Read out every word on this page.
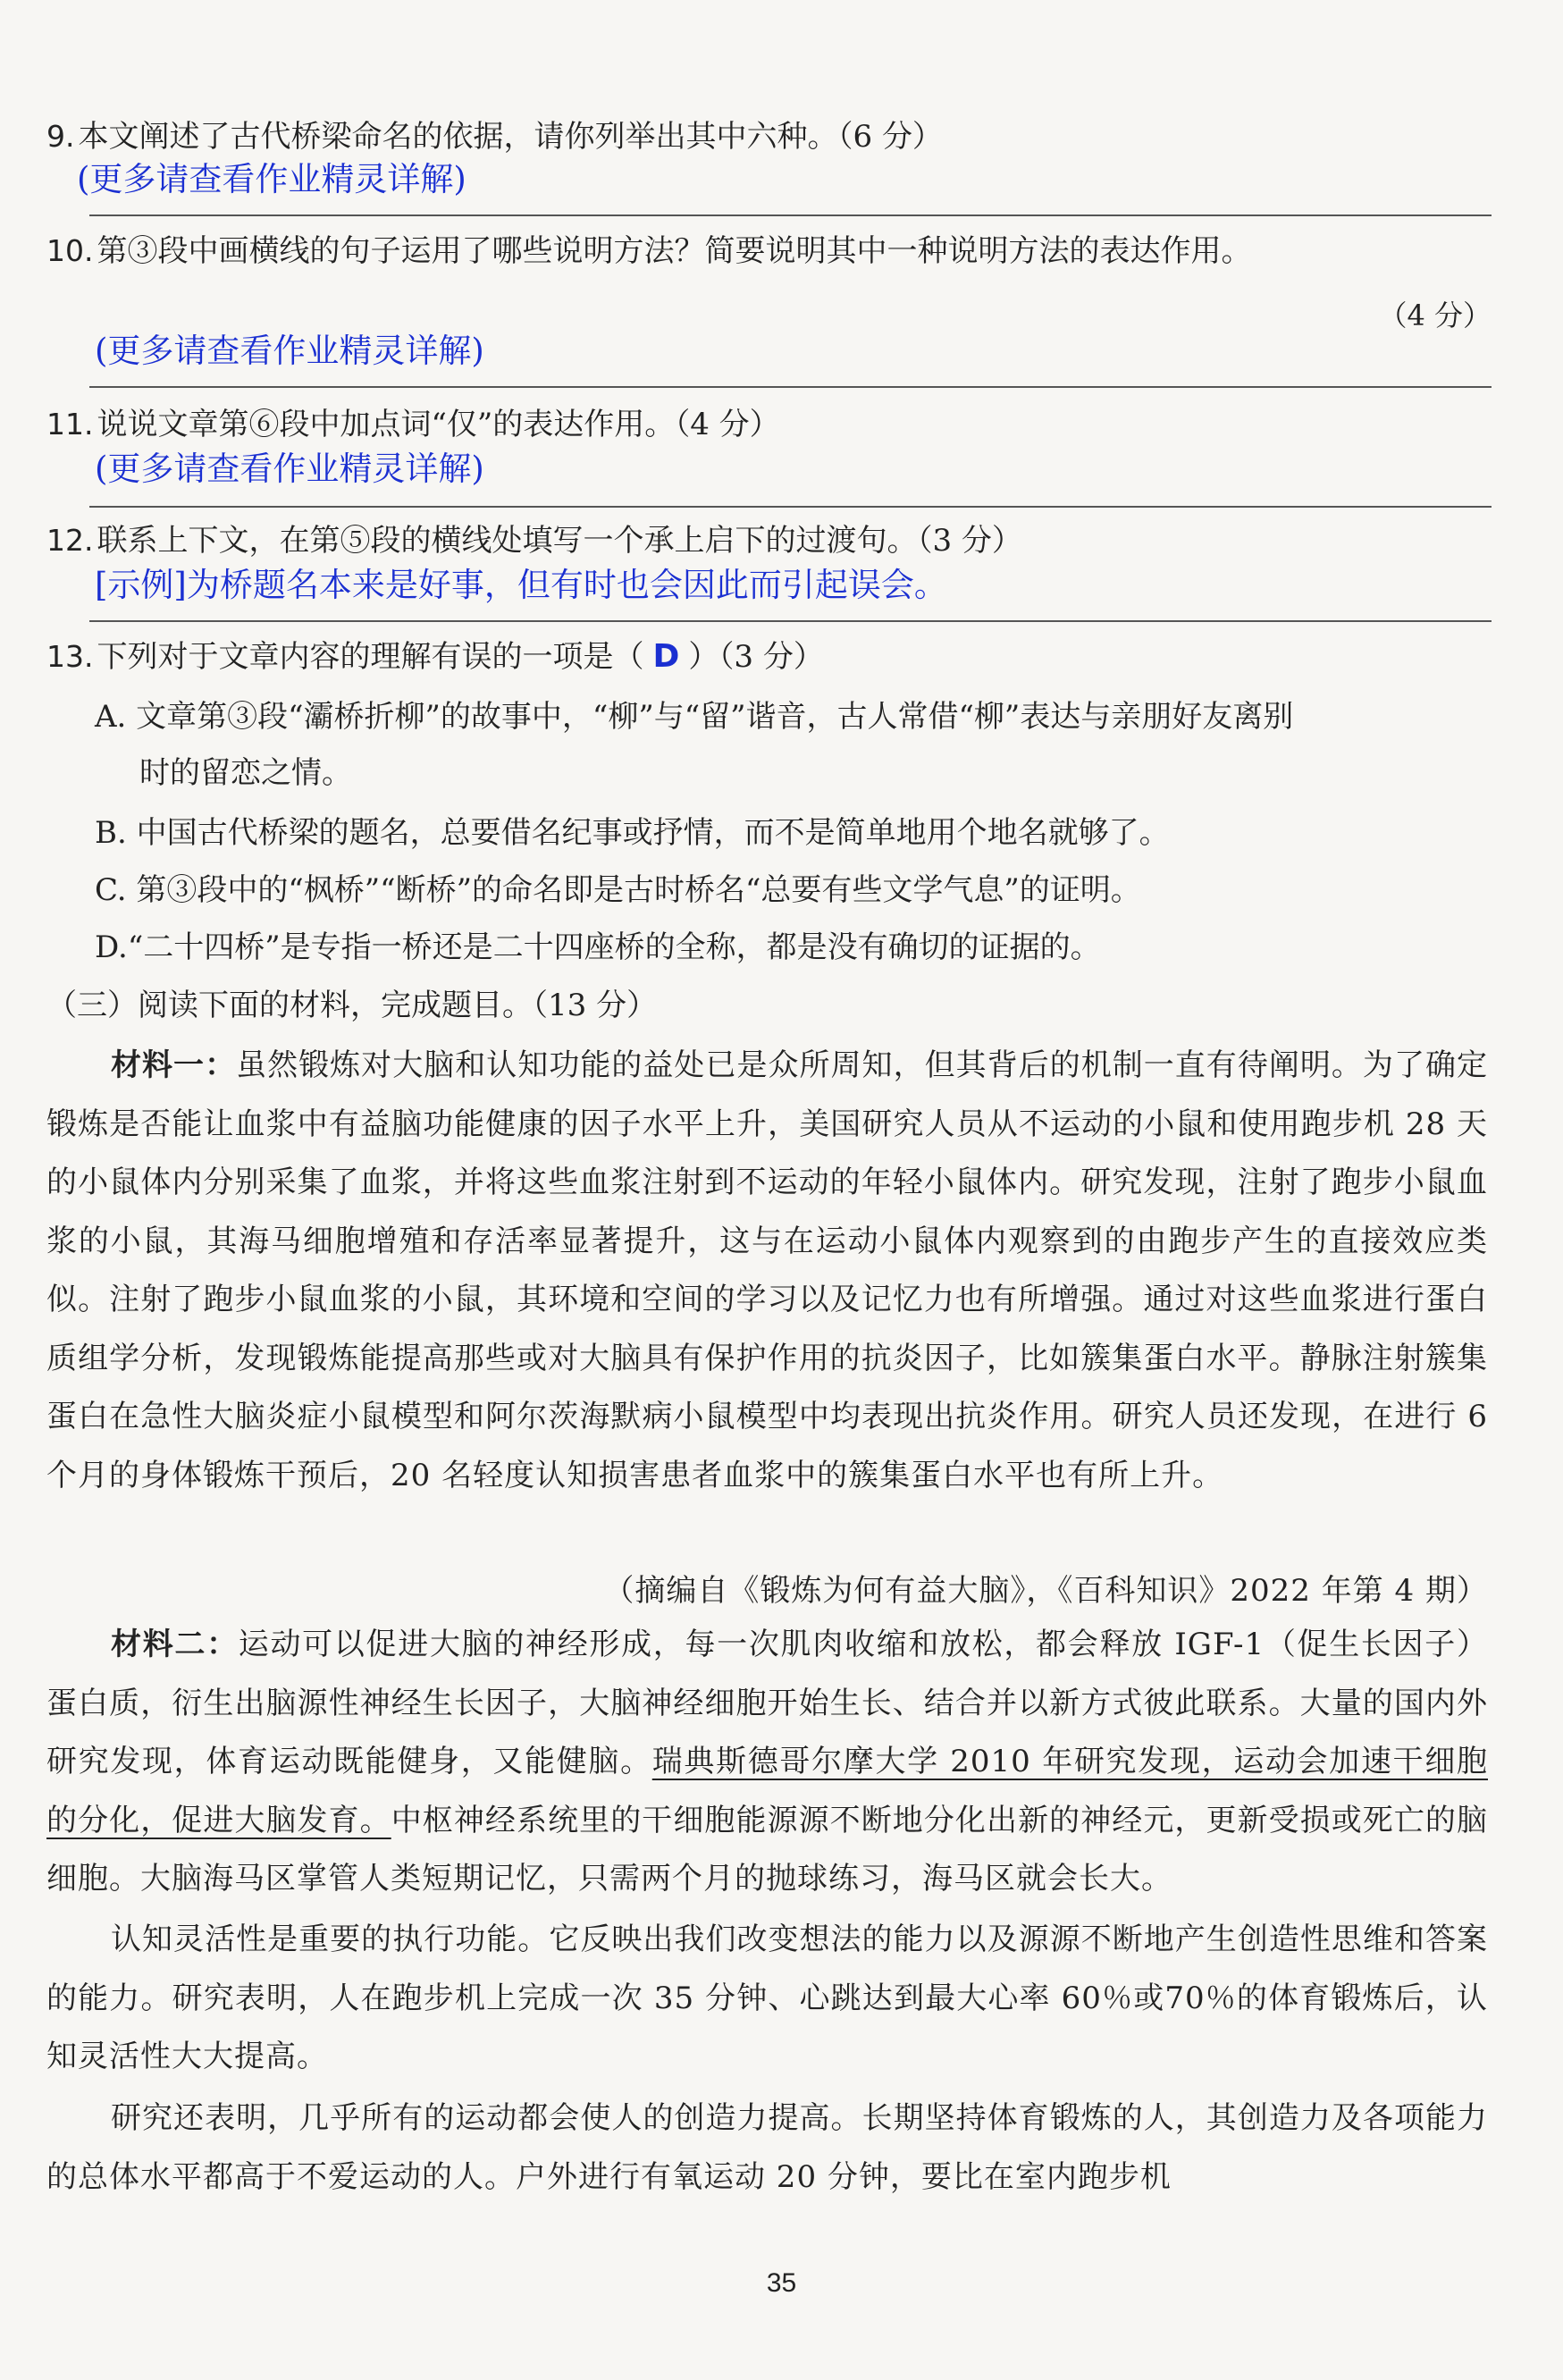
9. 本文阐述了古代桥梁命名的依据，请你列举出其中六种。（6 分）
(更多请查看作业精灵详解)
10. 第③段中画横线的句子运用了哪些说明方法？简要说明其中一种说明方法的表达作用。
（4 分）
(更多请查看作业精灵详解)
11. 说说文章第⑥段中加点词“仅”的表达作用。（4 分）
(更多请查看作业精灵详解)
12. 联系上下文，在第⑤段的横线处填写一个承上启下的过渡句。（3 分）
[示例]为桥题名本来是好事，但有时也会因此而引起误会。
13. 下列对于文章内容的理解有误的一项是（ D ）（3 分）
A. 文章第③段“灞桥折柳”的故事中，“柳”与“留”谐音，古人常借“柳”表达与亲朋好友离别
时的留恋之情。
B. 中国古代桥梁的题名，总要借名纪事或抒情，而不是简单地用个地名就够了。
C. 第③段中的“枫桥”“断桥”的命名即是古时桥名“总要有些文学气息”的证明。
D.“二十四桥”是专指一桥还是二十四座桥的全称，都是没有确切的证据的。
（三）阅读下面的材料，完成题目。（13 分）
材料一：虽然锻炼对大脑和认知功能的益处已是众所周知，但其背后的机制一直有待阐明。为了确定锻炼是否能让血浆中有益脑功能健康的因子水平上升，美国研究人员从不运动的小鼠和使用跑步机 28 天的小鼠体内分别采集了血浆，并将这些血浆注射到不运动的年轻小鼠体内。研究发现，注射了跑步小鼠血浆的小鼠，其海马细胞增殖和存活率显著提升，这与在运动小鼠体内观察到的由跑步产生的直接效应类似。注射了跑步小鼠血浆的小鼠，其环境和空间的学习以及记忆力也有所增强。通过对这些血浆进行蛋白质组学分析，发现锻炼能提高那些或对大脑具有保护作用的抗炎因子，比如簇集蛋白水平。静脉注射簇集蛋白在急性大脑炎症小鼠模型和阿尔茨海默病小鼠模型中均表现出抗炎作用。研究人员还发现，在进行 6 个月的身体锻炼干预后，20 名轻度认知损害患者血浆中的簇集蛋白水平也有所上升。
（摘编自《锻炼为何有益大脑》，《百科知识》2022 年第 4 期）
材料二：运动可以促进大脑的神经形成，每一次肌肉收缩和放松，都会释放 IGF-1（促生长因子）蛋白质，衍生出脑源性神经生长因子，大脑神经细胞开始生长、结合并以新方式彼此联系。大量的国内外研究发现，体育运动既能健身，又能健脑。瑞典斯德哥尔摩大学 2010 年研究发现，运动会加速干细胞的分化，促进大脑发育。中枢神经系统里的干细胞能源源不断地分化出新的神经元，更新受损或死亡的脑细胞。大脑海马区掌管人类短期记忆，只需两个月的抛球练习，海马区就会长大。
认知灵活性是重要的执行功能。它反映出我们改变想法的能力以及源源不断地产生创造性思维和答案的能力。研究表明，人在跑步机上完成一次 35 分钟、心跳达到最大心率 60％或70％的体育锻炼后，认知灵活性大大提高。
研究还表明，几乎所有的运动都会使人的创造力提高。长期坚持体育锻炼的人，其创造力及各项能力的总体水平都高于不爱运动的人。户外进行有氧运动 20 分钟，要比在室内跑步机
35
